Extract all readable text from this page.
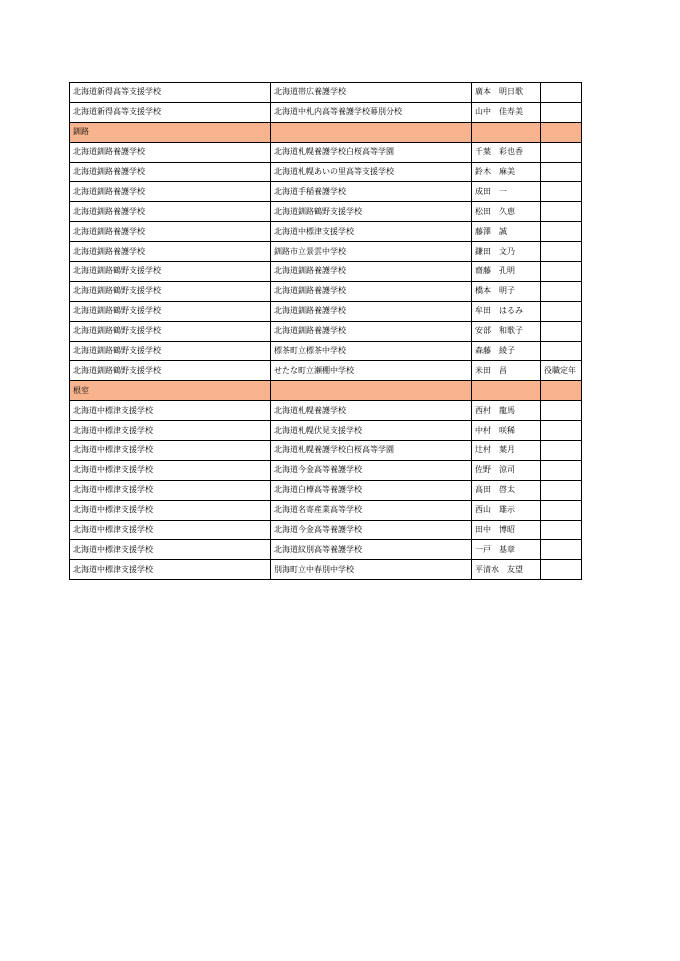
北海道新得高等支援学校	北海道帯広養護学校	廣本　明日歌	
北海道新得高等支援学校	北海道中札内高等養護学校幕別分校	山中　佳寿美	
釧路			
北海道釧路養護学校	北海道札幌養護学校白桜高等学園	千葉　彩也香	
北海道釧路養護学校	北海道札幌あいの里高等支援学校	鈴木　麻美	
北海道釧路養護学校	北海道手稲養護学校	成田　一	
北海道釧路養護学校	北海道釧路鶴野支援学校	松田　久恵	
北海道釧路養護学校	北海道中標津支援学校	藤澤　誠	
北海道釧路養護学校	釧路市立景雲中学校	鎌田　文乃	
北海道釧路鶴野支援学校	北海道釧路養護学校	齋藤　孔明	
北海道釧路鶴野支援学校	北海道釧路養護学校	橋本　明子	
北海道釧路鶴野支援学校	北海道釧路養護学校	牟田　はるみ	
北海道釧路鶴野支援学校	北海道釧路養護学校	安部　和歌子	
北海道釧路鶴野支援学校	標茶町立標茶中学校	森藤　綾子	
北海道釧路鶴野支援学校	せたな町立瀬棚中学校	米田　昌	役職定年
根室			
北海道中標津支援学校	北海道札幌養護学校	西村　龍馬	
北海道中標津支援学校	北海道札幌伏見支援学校	中村　咲稀	
北海道中標津支援学校	北海道札幌養護学校白桜高等学園	辻村　葉月	
北海道中標津支援学校	北海道今金高等養護学校	佐野　涼司	
北海道中標津支援学校	北海道白樺高等養護学校	高田　啓太	
北海道中標津支援学校	北海道名寄産業高等学校	西山　雄示	
北海道中標津支援学校	北海道今金高等養護学校	田中　博昭	
北海道中標津支援学校	北海道紋別高等養護学校	一戸　基章	
北海道中標津支援学校	別海町立中春別中学校	平清水　友望	
